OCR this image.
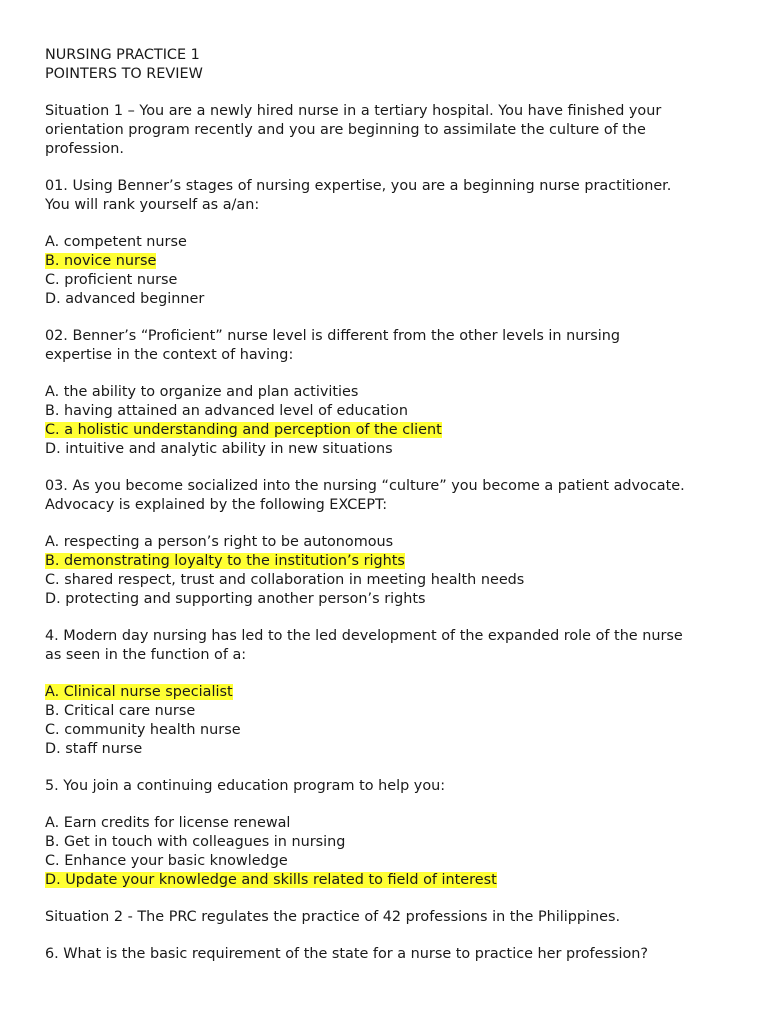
NURSING PRACTICE 1
POINTERS TO REVIEW
Situation 1 – You are a newly hired nurse in a tertiary hospital. You have finished your
orientation program recently and you are beginning to assimilate the culture of the
profession.
01. Using Benner’s stages of nursing expertise, you are a beginning nurse practitioner.
You will rank yourself as a/an:
A. competent nurse
B. novice nurse
C. proficient nurse
D. advanced beginner
02. Benner’s “Proficient” nurse level is different from the other levels in nursing
expertise in the context of having:
A. the ability to organize and plan activities
B. having attained an advanced level of education
C. a holistic understanding and perception of the client
D. intuitive and analytic ability in new situations
03. As you become socialized into the nursing “culture” you become a patient advocate.
Advocacy is explained by the following EXCEPT:
A. respecting a person’s right to be autonomous
B. demonstrating loyalty to the institution’s rights
C. shared respect, trust and collaboration in meeting health needs
D. protecting and supporting another person’s rights
4. Modern day nursing has led to the led development of the expanded role of the nurse
as seen in the function of a:
A. Clinical nurse specialist
B. Critical care nurse
C. community health nurse
D. staff nurse
5. You join a continuing education program to help you:
A. Earn credits for license renewal
B. Get in touch with colleagues in nursing
C. Enhance your basic knowledge
D. Update your knowledge and skills related to field of interest
Situation 2 - The PRC regulates the practice of 42 professions in the Philippines.
6. What is the basic requirement of the state for a nurse to practice her profession?
